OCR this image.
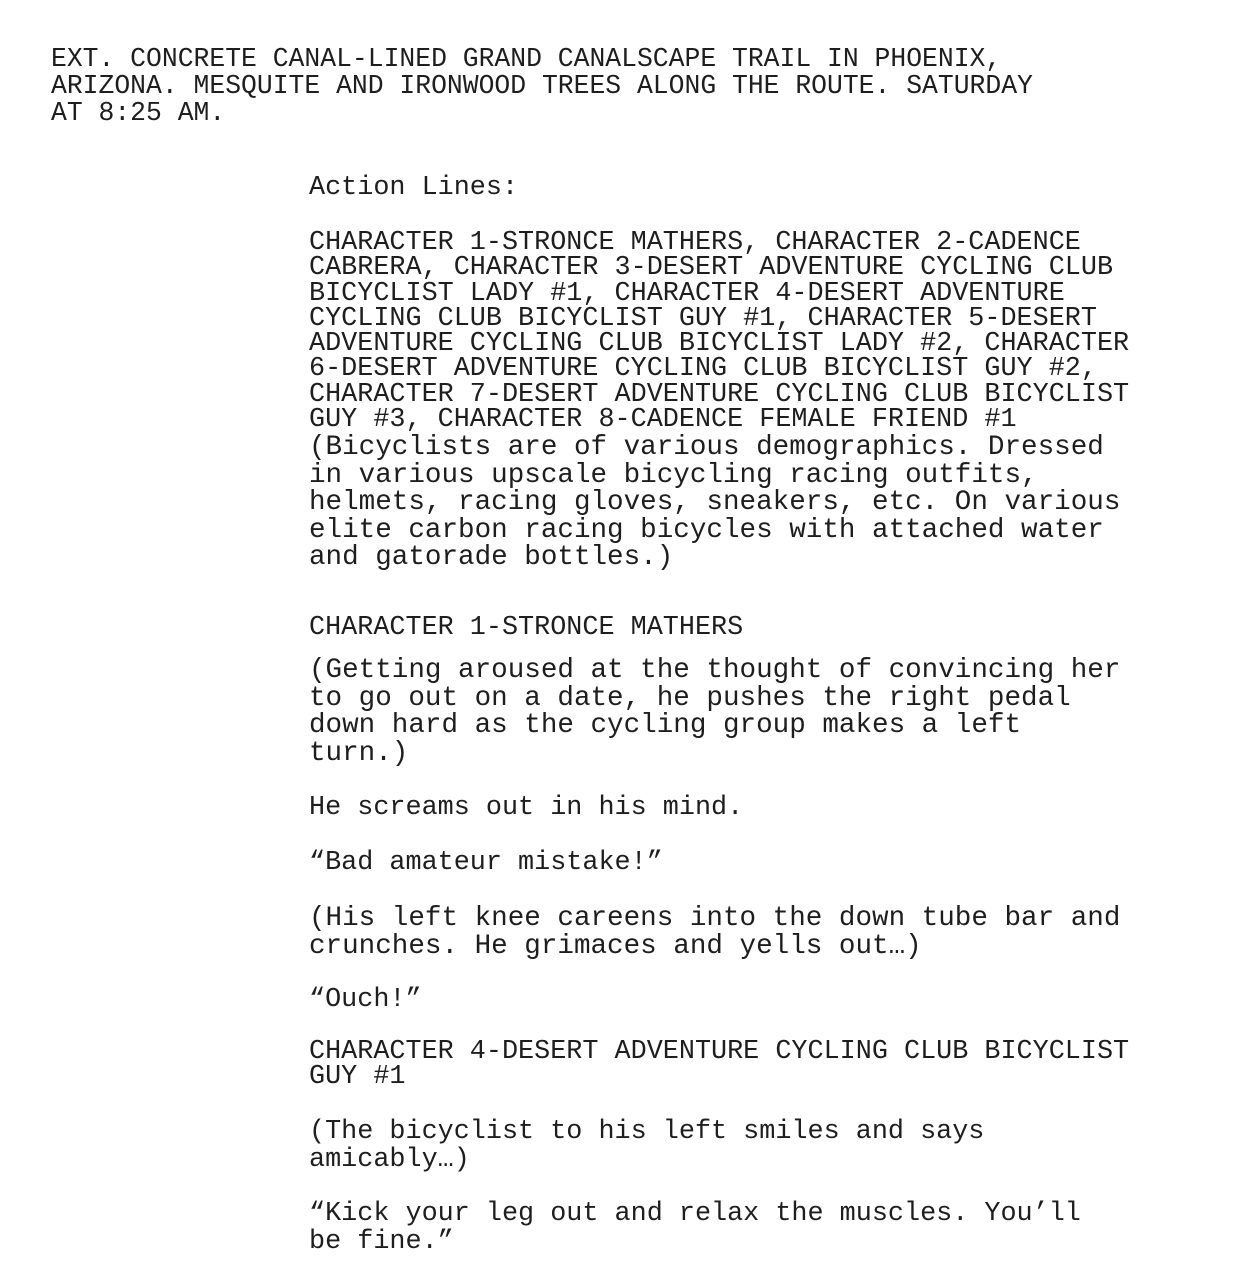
EXT. CONCRETE CANAL-LINED GRAND CANALSCAPE TRAIL IN PHOENIX,
ARIZONA. MESQUITE AND IRONWOOD TREES ALONG THE ROUTE. SATURDAY
AT 8:25 AM.

Action Lines:

CHARACTER 1-STRONCE MATHERS, CHARACTER 2-CADENCE
CABRERA, CHARACTER 3-DESERT ADVENTURE CYCLING CLUB
BICYCLIST LADY #1, CHARACTER 4-DESERT ADVENTURE
CYCLING CLUB BICYCLIST GUY #1, CHARACTER 5-DESERT
ADVENTURE CYCLING CLUB BICYCLIST LADY #2, CHARACTER
6-DESERT ADVENTURE CYCLING CLUB BICYCLIST GUY #2,
CHARACTER 7-DESERT ADVENTURE CYCLING CLUB BICYCLIST
GUY #3, CHARACTER 8-CADENCE FEMALE FRIEND #1

(Bicyclists are of various demographics. Dressed
in various upscale bicycling racing outfits,
helmets, racing gloves, sneakers, etc. On various
elite carbon racing bicycles with attached water
and gatorade bottles.)

CHARACTER 1-STRONCE MATHERS

(Getting aroused at the thought of convincing her
to go out on a date, he pushes the right pedal
down hard as the cycling group makes a left
turn.)

He screams out in his mind.

“Bad amateur mistake!”

(His left knee careens into the down tube bar and
crunches. He grimaces and yells out…)

“Ouch!”

CHARACTER 4-DESERT ADVENTURE CYCLING CLUB BICYCLIST
GUY #1

(The bicyclist to his left smiles and says
amicably…)

“Kick your leg out and relax the muscles. You’ll
be fine.”
